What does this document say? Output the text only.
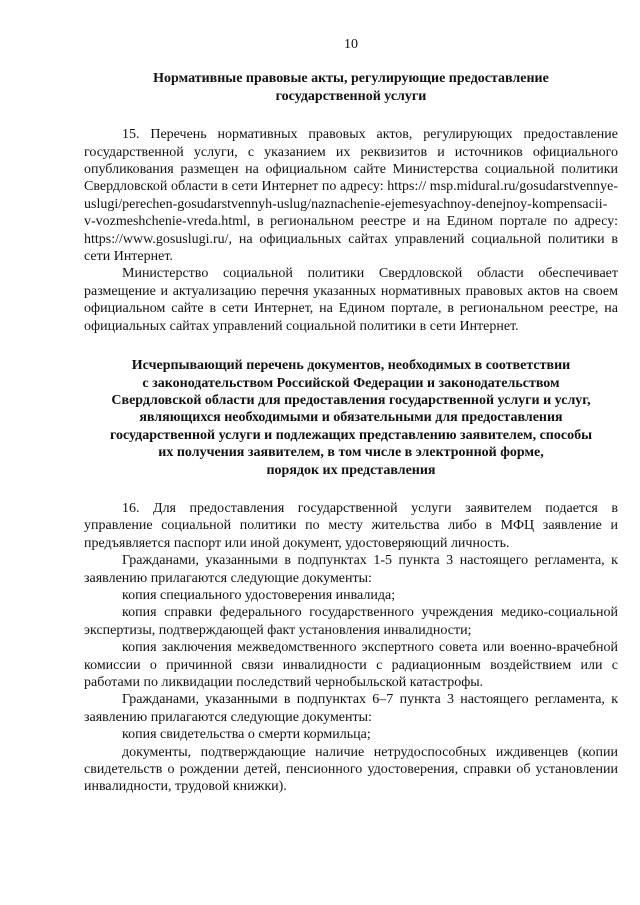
10
Нормативные правовые акты, регулирующие предоставление
государственной услуги

15. Перечень нормативных правовых актов, регулирующих предоставление государственной услуги, с указанием их реквизитов и источников официального опубликования размещен на официальном сайте Министерства социальной политики Свердловской области в сети Интернет по адресу: https:// msp.midural.ru/gosudarstvennye-uslugi/perechen-gosudarstvennyh-uslug/naznachenie-ejemesyachnoy-denejnoy-kompensacii-v-vozmeshchenie-vreda.html, в региональном реестре и на Едином портале по адресу: https://www.gosuslugi.ru/, на официальных сайтах управлений социальной политики в сети Интернет.

Министерство социальной политики Свердловской области обеспечивает размещение и актуализацию перечня указанных нормативных правовых актов на своем официальном сайте в сети Интернет, на Едином портале, в региональном реестре, на официальных сайтах управлений социальной политики в сети Интернет.

Исчерпывающий перечень документов, необходимых в соответствии
с законодательством Российской Федерации и законодательством
Свердловской области для предоставления государственной услуги и услуг,
являющихся необходимыми и обязательными для предоставления
государственной услуги и подлежащих представлению заявителем, способы
их получения заявителем, в том числе в электронной форме,
порядок их представления

16. Для предоставления государственной услуги заявителем подается в управление социальной политики по месту жительства либо в МФЦ заявление и предъявляется паспорт или иной документ, удостоверяющий личность.

Гражданами, указанными в подпунктах 1-5 пункта 3 настоящего регламента, к заявлению прилагаются следующие документы:

копия специального удостоверения инвалида;

копия справки федерального государственного учреждения медико-социальной экспертизы, подтверждающей факт установления инвалидности;

копия заключения межведомственного экспертного совета или военно-врачебной комиссии о причинной связи инвалидности с радиационным воздействием или с работами по ликвидации последствий чернобыльской катастрофы.

Гражданами, указанными в подпунктах 6–7 пункта 3 настоящего регламента, к заявлению прилагаются следующие документы:

копия свидетельства о смерти кормильца;

документы, подтверждающие наличие нетрудоспособных иждивенцев (копии свидетельств о рождении детей, пенсионного удостоверения, справки об установлении инвалидности, трудовой книжки).
